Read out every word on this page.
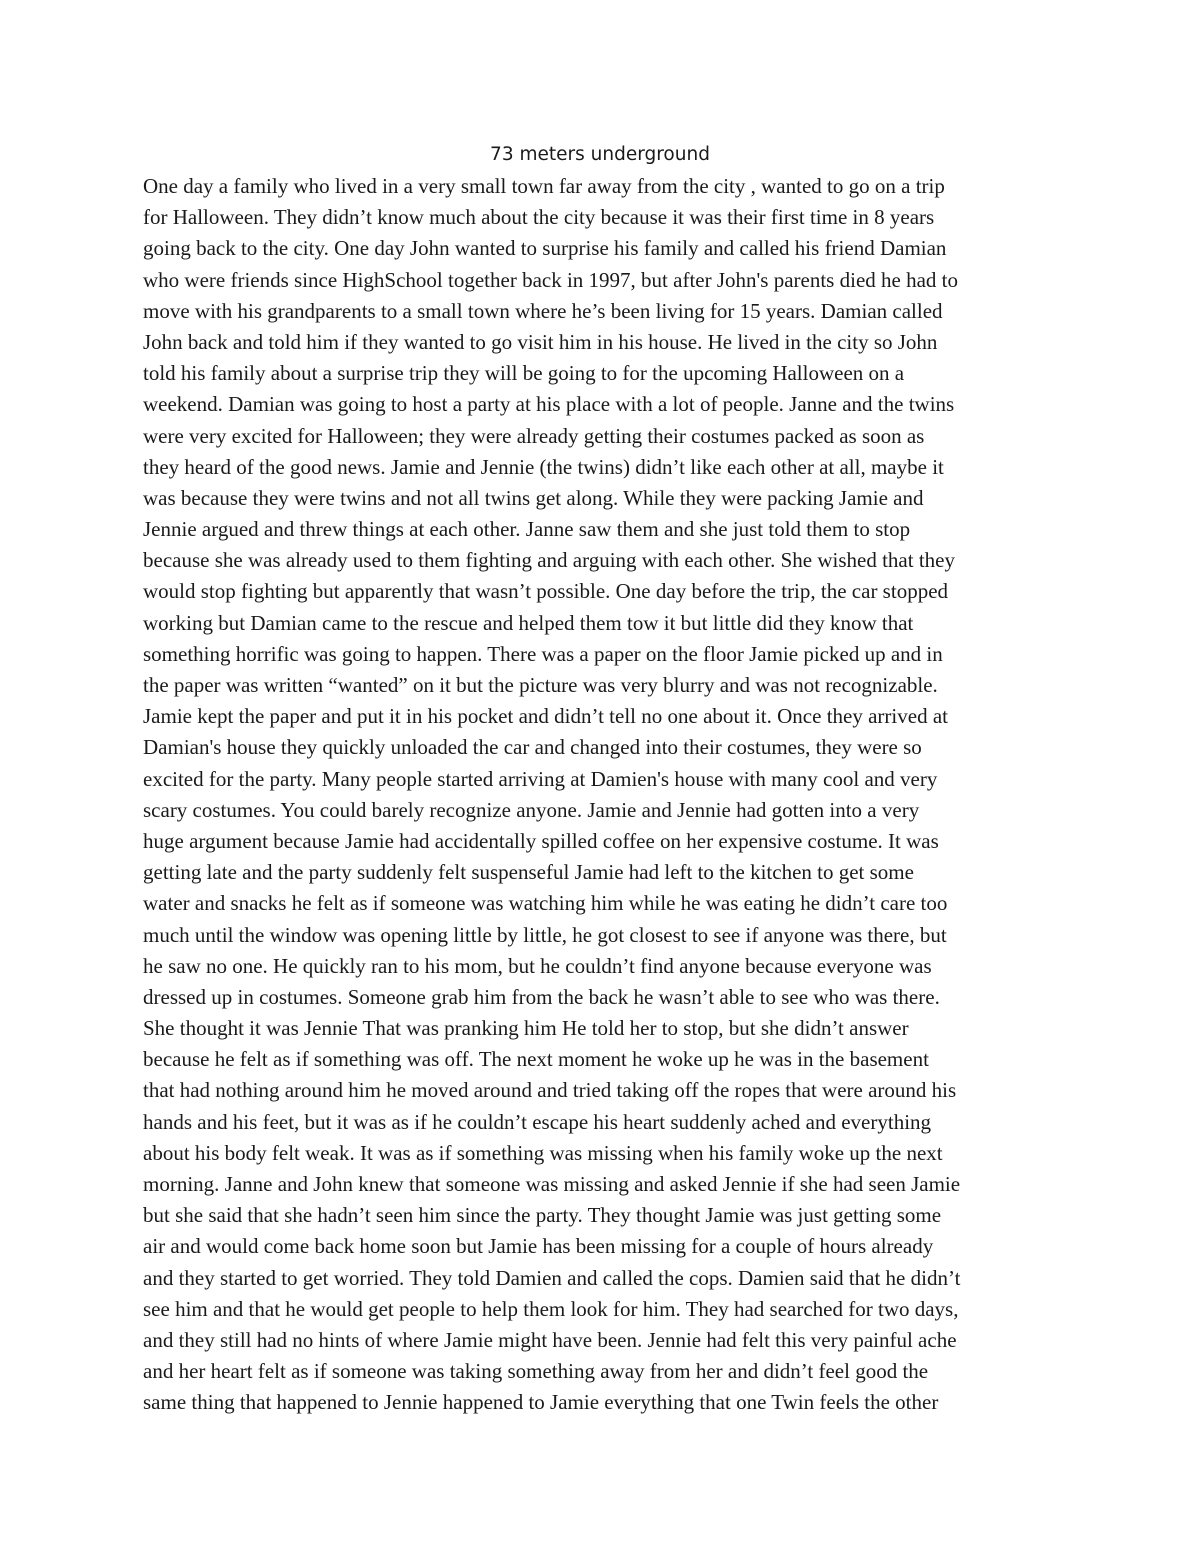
73 meters underground
One day a family who lived in a very small town far away from the city , wanted to go on a trip
for Halloween. They didn’t know much about the city because it was their first time in 8 years
going back to the city. One day John wanted to surprise his family and called his friend Damian
who were friends since HighSchool together back in 1997, but after John's parents died he had to
move with his grandparents to a small town where he’s been living for 15 years. Damian called
John back and told him if they wanted to go visit him in his house. He lived in the city so John
told his family about a surprise trip they will be going to for the upcoming Halloween on a
weekend. Damian was going to host a party at his place with a lot of people. Janne and the twins
were very excited for Halloween; they were already getting their costumes packed as soon as
they heard of the good news. Jamie and Jennie (the twins) didn’t like each other at all, maybe it
was because they were twins and not all twins get along. While they were packing Jamie and
Jennie argued and threw things at each other. Janne saw them and she just told them to stop
because she was already used to them fighting and arguing with each other. She wished that they
would stop fighting but apparently that wasn’t possible. One day before the trip, the car stopped
working but Damian came to the rescue and helped them tow it but little did they know that
something horrific was going to happen. There was a paper on the floor Jamie picked up and in
the paper was written “wanted” on it but the picture was very blurry and was not recognizable.
Jamie kept the paper and put it in his pocket and didn’t tell no one about it. Once they arrived at
Damian's house they quickly unloaded the car and changed into their costumes, they were so
excited for the party. Many people started arriving at Damien's house with many cool and very
scary costumes. You could barely recognize anyone. Jamie and Jennie had gotten into a very
huge argument because Jamie had accidentally spilled coffee on her expensive costume. It was
getting late and the party suddenly felt suspenseful Jamie had left to the kitchen to get some
water and snacks he felt as if someone was watching him while he was eating he didn’t care too
much until the window was opening little by little, he got closest to see if anyone was there, but
he saw no one. He quickly ran to his mom, but he couldn’t find anyone because everyone was
dressed up in costumes. Someone grab him from the back he wasn’t able to see who was there.
She thought it was Jennie That was pranking him He told her to stop, but she didn’t answer
because he felt as if something was off. The next moment he woke up he was in the basement
that had nothing around him he moved around and tried taking off the ropes that were around his
hands and his feet, but it was as if he couldn’t escape his heart suddenly ached and everything
about his body felt weak. It was as if something was missing when his family woke up the next
morning. Janne and John knew that someone was missing and asked Jennie if she had seen Jamie
but she said that she hadn’t seen him since the party. They thought Jamie was just getting some
air and would come back home soon but Jamie has been missing for a couple of hours already
and they started to get worried. They told Damien and called the cops. Damien said that he didn’t
see him and that he would get people to help them look for him. They had searched for two days,
and they still had no hints of where Jamie might have been. Jennie had felt this very painful ache
and her heart felt as if someone was taking something away from her and didn’t feel good the
same thing that happened to Jennie happened to Jamie everything that one Twin feels the other
